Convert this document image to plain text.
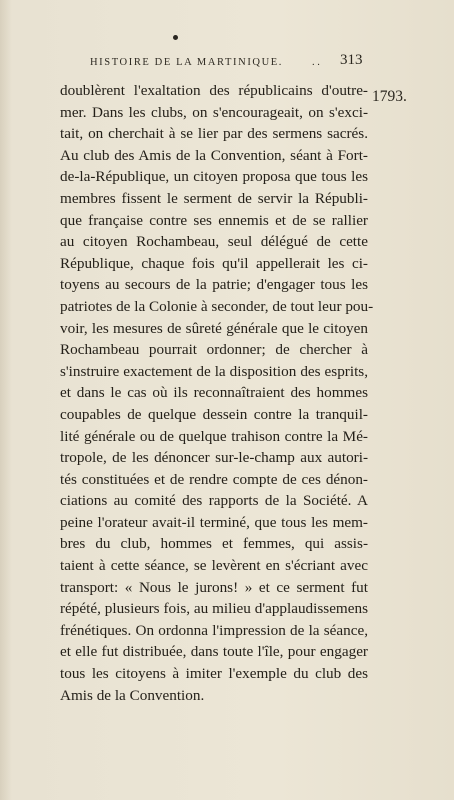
HISTOIRE DE LA MARTINIQUE.	. . 313
1793.
doublèrent l'exaltation des républicains d'outre-
mer. Dans les clubs, on s'encourageait, on s'exci-
tait, on cherchait à se lier par des sermens sacrés.
Au club des Amis de la Convention, séant à Fort-
de-la-République, un citoyen proposa que tous les
membres fissent le serment de servir la Républi-
que française contre ses ennemis et de se rallier
au citoyen Rochambeau, seul délégué de cette
République, chaque fois qu'il appellerait les ci-
toyens au secours de la patrie; d'engager tous les
patriotes de la Colonie à seconder, de tout leur pou-
voir, les mesures de sûreté générale que le citoyen
Rochambeau pourrait ordonner; de chercher à
s'instruire exactement de la disposition des esprits,
et dans le cas où ils reconnaîtraient des hommes
coupables de quelque dessein contre la tranquil-
lité générale ou de quelque trahison contre la Mé-
tropole, de les dénoncer sur-le-champ aux autori-
tés constituées et de rendre compte de ces dénon-
ciations au comité des rapports de la Société. A
peine l'orateur avait-il terminé, que tous les mem-
bres du club, hommes et femmes, qui assis-
taient à cette séance, se levèrent en s'écriant avec
transport: « Nous le jurons! » et ce serment fut
répété, plusieurs fois, au milieu d'applaudissemens
frénétiques. On ordonna l'impression de la séance,
et elle fut distribuée, dans toute l'île, pour engager
tous les citoyens à imiter l'exemple du club des
Amis de la Convention.
